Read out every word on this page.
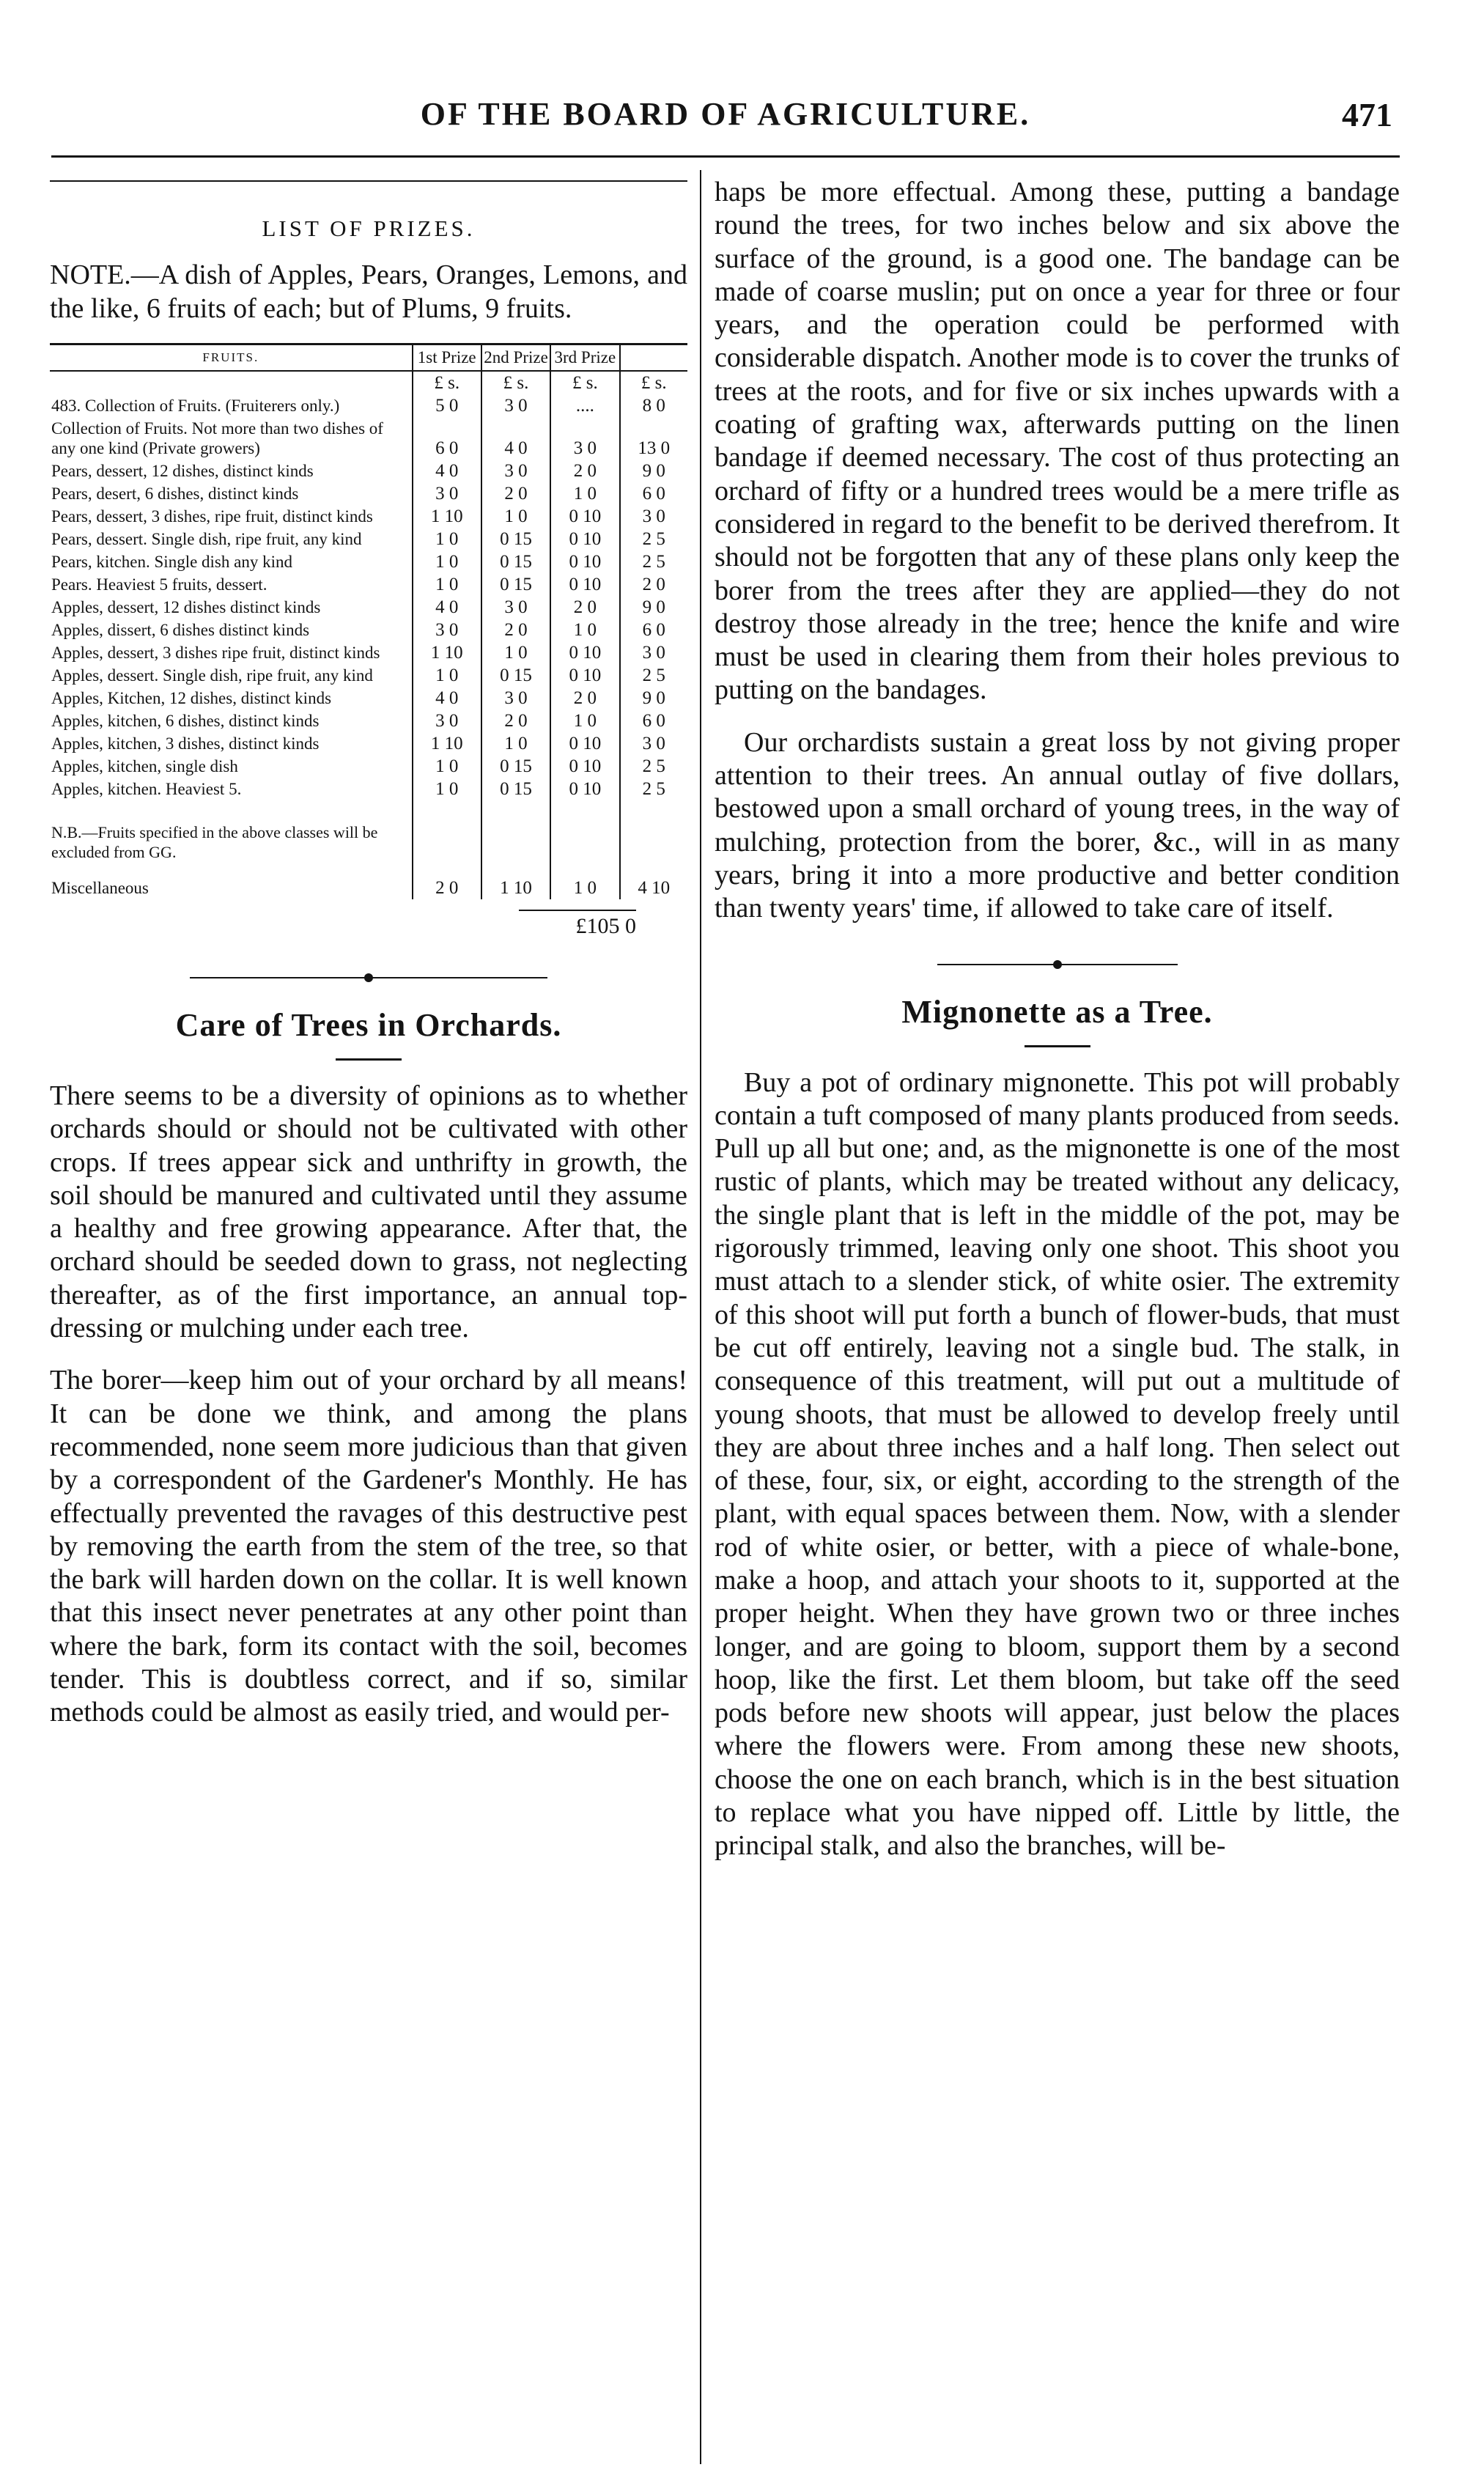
OF THE BOARD OF AGRICULTURE.	471
LIST OF PRIZES.

NOTE.—A dish of Apples, Pears, Oranges, Lemons, and the like, 6 fruits of each; but of Plums, 9 fruits.

FRUITS.	1st Prize	2nd Prize	3rd Prize	
	£ s.	£ s.	£ s.	£ s.
483. Collection of Fruits. (Fruiterers only.)	5 0	3 0	....	8 0
Collection of Fruits. Not more than two dishes of any one kind (Private growers)	6 0	4 0	3 0	13 0
Pears, dessert, 12 dishes, distinct kinds	4 0	3 0	2 0	9 0
Pears, desert, 6 dishes, distinct kinds	3 0	2 0	1 0	6 0
Pears, dessert, 3 dishes, ripe fruit, distinct kinds	1 10	1 0	0 10	3 0
Pears, dessert. Single dish, ripe fruit, any kind	1 0	0 15	0 10	2 5
Pears, kitchen. Single dish any kind	1 0	0 15	0 10	2 5
Pears. Heaviest 5 fruits, dessert.	1 0	0 15	0 10	2 0
Apples, dessert, 12 dishes distinct kinds	4 0	3 0	2 0	9 0
Apples, dissert, 6 dishes distinct kinds	3 0	2 0	1 0	6 0
Apples, dessert, 3 dishes ripe fruit, distinct kinds	1 10	1 0	0 10	3 0
Apples, dessert. Single dish, ripe fruit, any kind	1 0	0 15	0 10	2 5
Apples, Kitchen, 12 dishes, distinct kinds	4 0	3 0	2 0	9 0
Apples, kitchen, 6 dishes, distinct kinds	3 0	2 0	1 0	6 0
Apples, kitchen, 3 dishes, distinct kinds	1 10	1 0	0 10	3 0
Apples, kitchen, single dish	1 0	0 15	0 10	2 5
Apples, kitchen. Heaviest 5.	1 0	0 15	0 10	2 5

N.B.—Fruits specified in the above classes will be excluded from GG.				

Miscellaneous	2 0	1 10	1 0	4 10
£105 0
Care of Trees in Orchards.

There seems to be a diversity of opinions as to whether orchards should or should not be cultivated with other crops. If trees appear sick and unthrifty in growth, the soil should be manured and cultivated until they assume a healthy and free growing appearance. After that, the orchard should be seeded down to grass, not neglecting thereafter, as of the first importance, an annual top-dressing or mulching under each tree.

The borer—keep him out of your orchard by all means! It can be done we think, and among the plans recommended, none seem more judicious than that given by a correspondent of the Gardener's Monthly. He has effectually prevented the ravages of this destructive pest by removing the earth from the stem of the tree, so that the bark will harden down on the collar. It is well known that this insect never penetrates at any other point than where the bark, form its contact with the soil, becomes tender. This is doubtless correct, and if so, similar methods could be almost as easily tried, and would per-

haps be more effectual. Among these, putting a bandage round the trees, for two inches below and six above the surface of the ground, is a good one. The bandage can be made of coarse muslin; put on once a year for three or four years, and the operation could be performed with considerable dispatch. Another mode is to cover the trunks of trees at the roots, and for five or six inches upwards with a coating of grafting wax, afterwards putting on the linen bandage if deemed necessary. The cost of thus protecting an orchard of fifty or a hundred trees would be a mere trifle as considered in regard to the benefit to be derived therefrom. It should not be forgotten that any of these plans only keep the borer from the trees after they are applied—they do not destroy those already in the tree; hence the knife and wire must be used in clearing them from their holes previous to putting on the bandages.

Our orchardists sustain a great loss by not giving proper attention to their trees. An annual outlay of five dollars, bestowed upon a small orchard of young trees, in the way of mulching, protection from the borer, &c., will in as many years, bring it into a more productive and better condition than twenty years' time, if allowed to take care of itself.

Mignonette as a Tree.

Buy a pot of ordinary mignonette. This pot will probably contain a tuft composed of many plants produced from seeds. Pull up all but one; and, as the mignonette is one of the most rustic of plants, which may be treated without any delicacy, the single plant that is left in the middle of the pot, may be rigorously trimmed, leaving only one shoot. This shoot you must attach to a slender stick, of white osier. The extremity of this shoot will put forth a bunch of flower-buds, that must be cut off entirely, leaving not a single bud. The stalk, in consequence of this treatment, will put out a multitude of young shoots, that must be allowed to develop freely until they are about three inches and a half long. Then select out of these, four, six, or eight, according to the strength of the plant, with equal spaces between them. Now, with a slender rod of white osier, or better, with a piece of whale-bone, make a hoop, and attach your shoots to it, supported at the proper height. When they have grown two or three inches longer, and are going to bloom, support them by a second hoop, like the first. Let them bloom, but take off the seed pods before new shoots will appear, just below the places where the flowers were. From among these new shoots, choose the one on each branch, which is in the best situation to replace what you have nipped off. Little by little, the principal stalk, and also the branches, will be-
